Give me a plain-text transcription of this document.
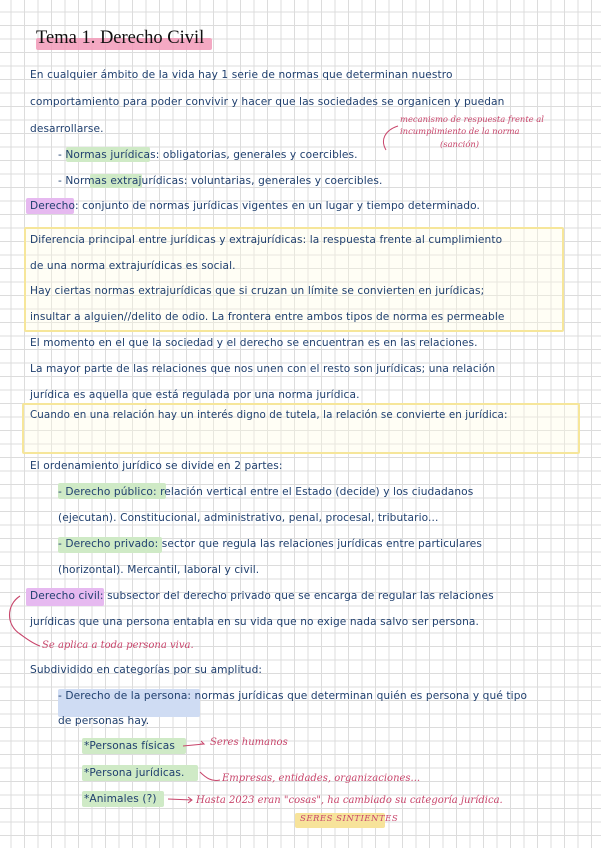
Tema 1. Derecho Civil
En cualquier ámbito de la vida hay 1 serie de normas que determinan nuestro
comportamiento para poder convivir y hacer que las sociedades se organicen y puedan
desarrollarse.
- Normas jurídicas: obligatorias, generales y coercibles.
- Normas extrajurídicas: voluntarias, generales y coercibles.
mecanismo de respuesta frente al
incumplimiento de la norma
(sanción)
Derecho: conjunto de normas jurídicas vigentes en un lugar y tiempo determinado.
Diferencia principal entre jurídicas y extrajurídicas: la respuesta frente al cumplimiento
de una norma extrajurídicas es social.
Hay ciertas normas extrajurídicas que si cruzan un límite se convierten en jurídicas;
insultar a alguien//delito de odio. La frontera entre ambos tipos de norma es permeable
El momento en el que la sociedad y el derecho se encuentran es en las relaciones.
La mayor parte de las relaciones que nos unen con el resto son jurídicas; una relación
jurídica es aquella que está regulada por una norma jurídica.
Cuando en una relación hay un interés digno de tutela, la relación se convierte en jurídica:
El ordenamiento jurídico se divide en 2 partes:
- Derecho público: relación vertical entre el Estado (decide) y los ciudadanos
(ejecutan). Constitucional, administrativo, penal, procesal, tributario...
- Derecho privado: sector que regula las relaciones jurídicas entre particulares
(horizontal). Mercantil, laboral y civil.
Derecho civil: subsector del derecho privado que se encarga de regular las relaciones
jurídicas que una persona entabla en su vida que no exige nada salvo ser persona.
Se aplica a toda persona viva.
Subdividido en categorías por su amplitud:
- Derecho de la persona: normas jurídicas que determinan quién es persona y qué tipo
de personas hay.
*Personas físicas
*Persona jurídicas.
*Animales (?)
Seres humanos
Empresas, entidades, organizaciones...
Hasta 2023 eran "cosas", ha cambiado su categoría jurídica.
SERES SINTIENTES
